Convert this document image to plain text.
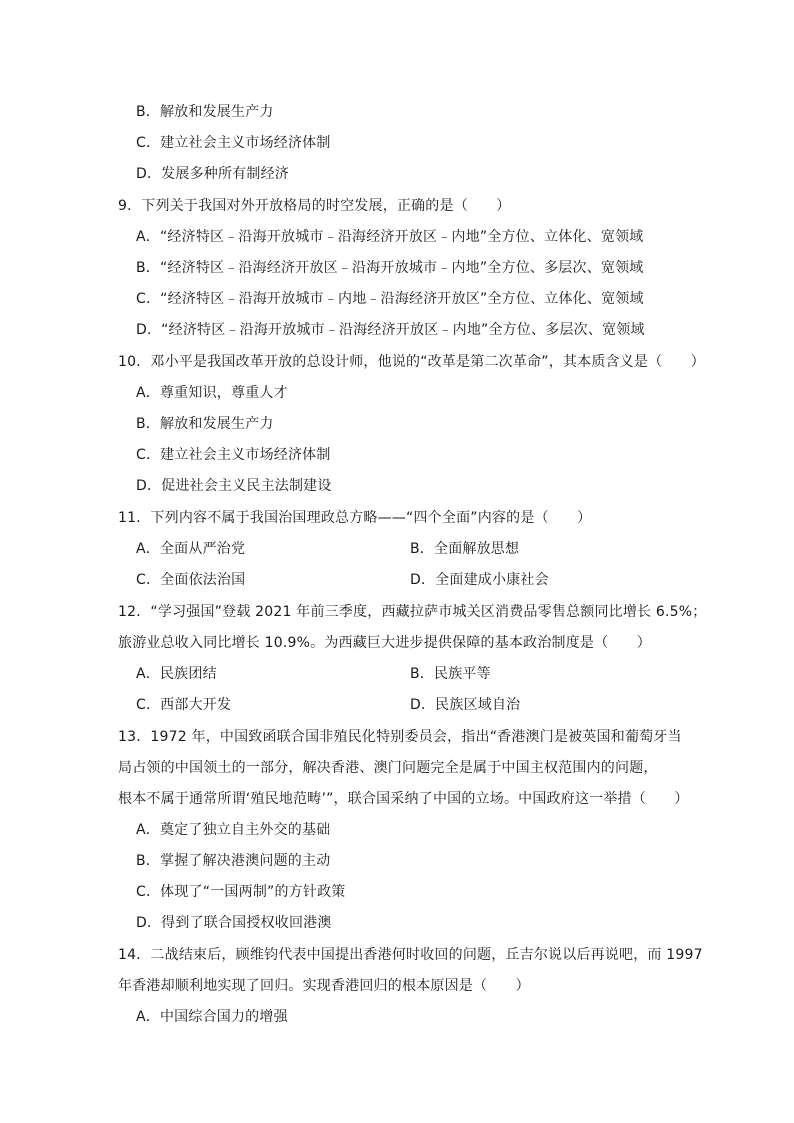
B．解放和发展生产力
C．建立社会主义市场经济体制
D．发展多种所有制经济
9．下列关于我国对外开放格局的时空发展，正确的是（　　）
A．“经济特区﹣沿海开放城市﹣沿海经济开放区﹣内地”全方位、立体化、宽领域
B．“经济特区﹣沿海经济开放区﹣沿海开放城市﹣内地”全方位、多层次、宽领域
C．“经济特区﹣沿海开放城市﹣内地﹣沿海经济开放区”全方位、立体化、宽领域
D．“经济特区﹣沿海开放城市﹣沿海经济开放区﹣内地”全方位、多层次、宽领域
10．邓小平是我国改革开放的总设计师，他说的“改革是第二次革命”，其本质含义是（　　）
A．尊重知识，尊重人才
B．解放和发展生产力
C．建立社会主义市场经济体制
D．促进社会主义民主法制建设
11．下列内容不属于我国治国理政总方略——“四个全面”内容的是（　　）
A．全面从严治党	B．全面解放思想
C．全面依法治国	D．全面建成小康社会
12．“学习强国”登载 2021 年前三季度，西藏拉萨市城关区消费品零售总额同比增长 6.5%；
旅游业总收入同比增长 10.9%。为西藏巨大进步提供保障的基本政治制度是（　　）
A．民族团结	B．民族平等
C．西部大开发	D．民族区域自治
13．1972 年，中国致函联合国非殖民化特别委员会，指出“香港澳门是被英国和葡萄牙当
局占领的中国领土的一部分，解决香港、澳门问题完全是属于中国主权范围内的问题，
根本不属于通常所谓‘殖民地范畴’”，联合国采纳了中国的立场。中国政府这一举措（　　）
A．奠定了独立自主外交的基础
B．掌握了解决港澳问题的主动
C．体现了“一国两制”的方针政策
D．得到了联合国授权收回港澳
14．二战结束后，顾维钧代表中国提出香港何时收回的问题，丘吉尔说以后再说吧，而 1997
年香港却顺利地实现了回归。实现香港回归的根本原因是（　　）
A．中国综合国力的增强
